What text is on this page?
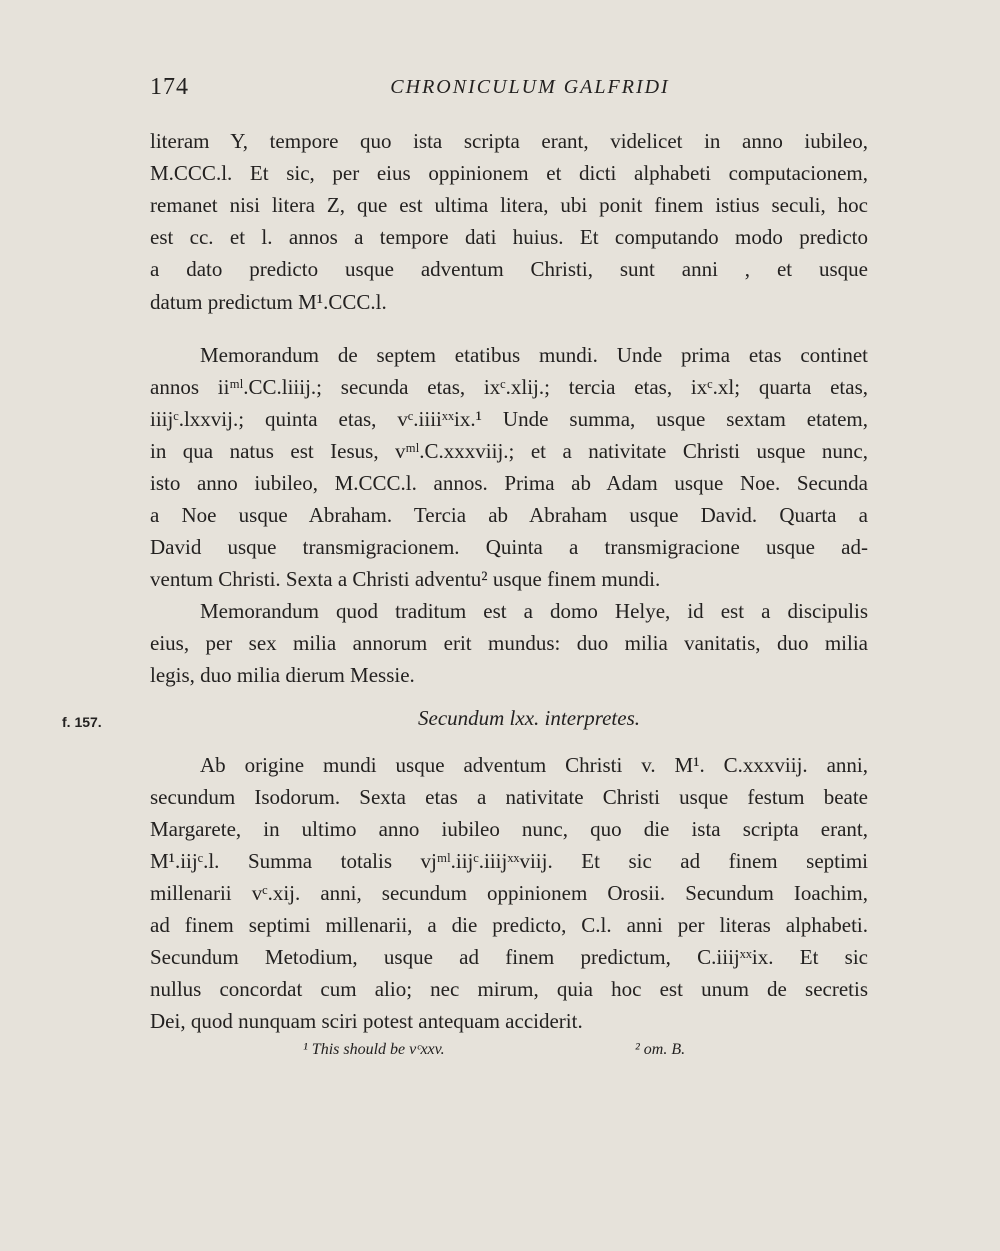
174	CHRONICULUM GALFRIDI
literam Y, tempore quo ista scripta erant, videlicet in anno iubileo,
M.CCC.l. Et sic, per eius oppinionem et dicti alphabeti computacionem,
remanet nisi litera Z, que est ultima litera, ubi ponit finem istius seculi, hoc
est cc. et l. annos a tempore dati huius. Et computando modo predicto
a dato predicto usque adventum Christi, sunt anni , et usque
datum predictum M¹.CCC.l.
Memorandum de septem etatibus mundi. Unde prima etas continet
annos iiᵐˡ.CC.liiij.; secunda etas, ixᶜ.xlij.; tercia etas, ixᶜ.xl; quarta etas,
iiijᶜ.lxxvij.; quinta etas, vᶜ.iiiiˣˣix.¹ Unde summa, usque sextam etatem,
in qua natus est Iesus, vᵐˡ.C.xxxviij.; et a nativitate Christi usque nunc,
isto anno iubileo, M.CCC.l. annos. Prima ab Adam usque Noe. Secunda
a Noe usque Abraham. Tercia ab Abraham usque David. Quarta a
David usque transmigracionem. Quinta a transmigracione usque ad-
ventum Christi. Sexta a Christi adventu² usque finem mundi.
Memorandum quod traditum est a domo Helye, id est a discipulis
eius, per sex milia annorum erit mundus: duo milia vanitatis, duo milia
legis, duo milia dierum Messie.
f. 157.	Secundum lxx. interpretes.
Ab origine mundi usque adventum Christi v. M¹. C.xxxviij. anni,
secundum Isodorum. Sexta etas a nativitate Christi usque festum beate
Margarete, in ultimo anno iubileo nunc, quo die ista scripta erant,
M¹.iijᶜ.l. Summa totalis vjᵐˡ.iijᶜ.iiijˣˣviij. Et sic ad finem septimi
millenarii vᶜ.xij. anni, secundum oppinionem Orosii. Secundum Ioachim,
ad finem septimi millenarii, a die predicto, C.l. anni per literas alphabeti.
Secundum Metodium, usque ad finem predictum, C.iiijˣˣix. Et sic
nullus concordat cum alio; nec mirum, quia hoc est unum de secretis
Dei, quod nunquam sciri potest antequam acciderit.
¹ This should be vᶜxxv.	² om. B.
